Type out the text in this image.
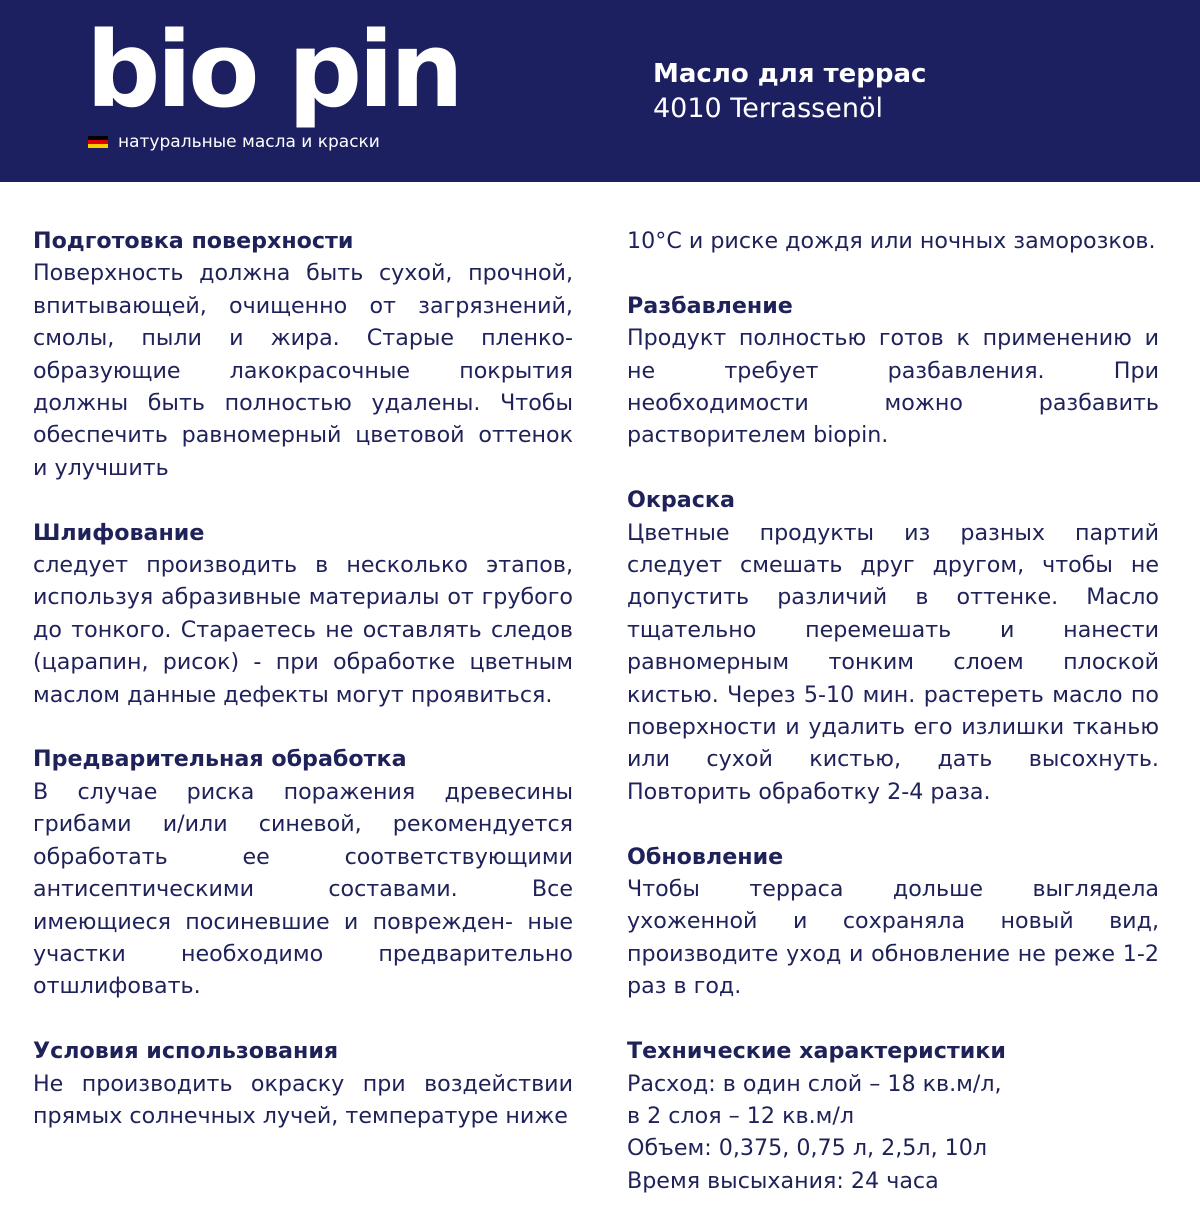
bio pin
натуральные масла и краски
Масло для террас
4010 Terrassenöl
Подготовка поверхности

Поверхность должна быть сухой, прочной, впитывающей, очищенно от загрязнений, смолы, пыли и жира. Старые пленко-образующие лакокрасочные покрытия должны быть полностью удалены. Чтобы обеспечить равномерный цветовой оттенок и улучшить

Шлифование

следует производить в несколько этапов, используя абразивные материалы от грубого до тонкого. Стараетесь не оставлять следов (царапин, рисок) - при обработке цветным маслом данные дефекты могут проявиться.

Предварительная обработка

В случае риска поражения древесины грибами и/или синевой, рекомендуется обработать ее соответствующими антисептическими составами. Все имеющиеся посиневшие и поврежден- ные участки необходимо предварительно отшлифовать.

Условия использования

Не производить окраску при воздействии прямых солнечных лучей, температуре ниже

10°C и риске дождя или ночных заморозков.

Разбавление

Продукт полностью готов к применению и не требует разбавления. При необходимости можно разбавить растворителем biopin.

Окраска

Цветные продукты из разных партий следует смешать друг другом, чтобы не допустить различий в оттенке. Масло тщательно перемешать и нанести равномерным тонким слоем плоской кистью. Через 5-10 мин. растереть масло по поверхности и удалить его излишки тканью или сухой кистью, дать высохнуть. Повторить обработку 2-4 раза.

Обновление

Чтобы терраса дольше выглядела ухоженной и сохраняла новый вид, производите уход и обновление не реже 1-2 раз в год.

Технические характеристики
Расход: в один слой – 18 кв.м/л,
в 2 слоя – 12 кв.м/л
Объем: 0,375, 0,75 л, 2,5л, 10л
Время высыхания: 24 часа
